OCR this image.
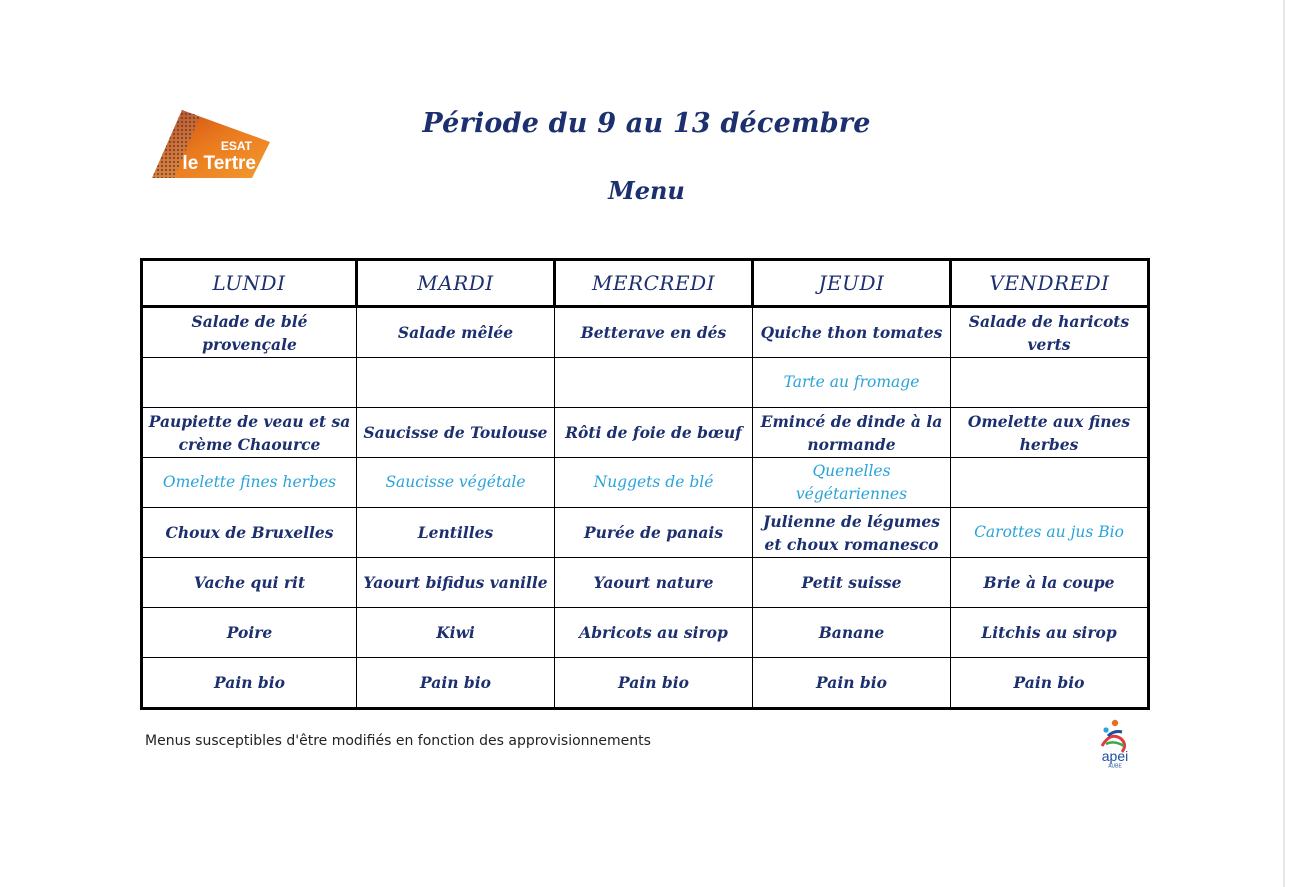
ESAT
le Tertre
Période du 9 au 13 décembre
Menu
LUNDI	MARDI	MERCREDI	JEUDI	VENDREDI
Salade de blé provençale	Salade mêlée	Betterave en dés	Quiche thon tomates	Salade de haricots verts
			Tarte au fromage	
Paupiette de veau et sa crème Chaource	Saucisse de Toulouse	Rôti de foie de bœuf	Emincé de dinde à la normande	Omelette aux fines herbes
Omelette fines herbes	Saucisse végétale	Nuggets de blé	Quenelles végétariennes	
Choux de Bruxelles	Lentilles	Purée de panais	Julienne de légumes et choux romanesco	Carottes au jus Bio
Vache qui rit	Yaourt bifidus vanille	Yaourt nature	Petit suisse	Brie à la coupe
Poire	Kiwi	Abricots au sirop	Banane	Litchis au sirop
Pain bio	Pain bio	Pain bio	Pain bio	Pain bio
Menus susceptibles d'être modifiés en fonction des approvisionnements
apei
AUBE
